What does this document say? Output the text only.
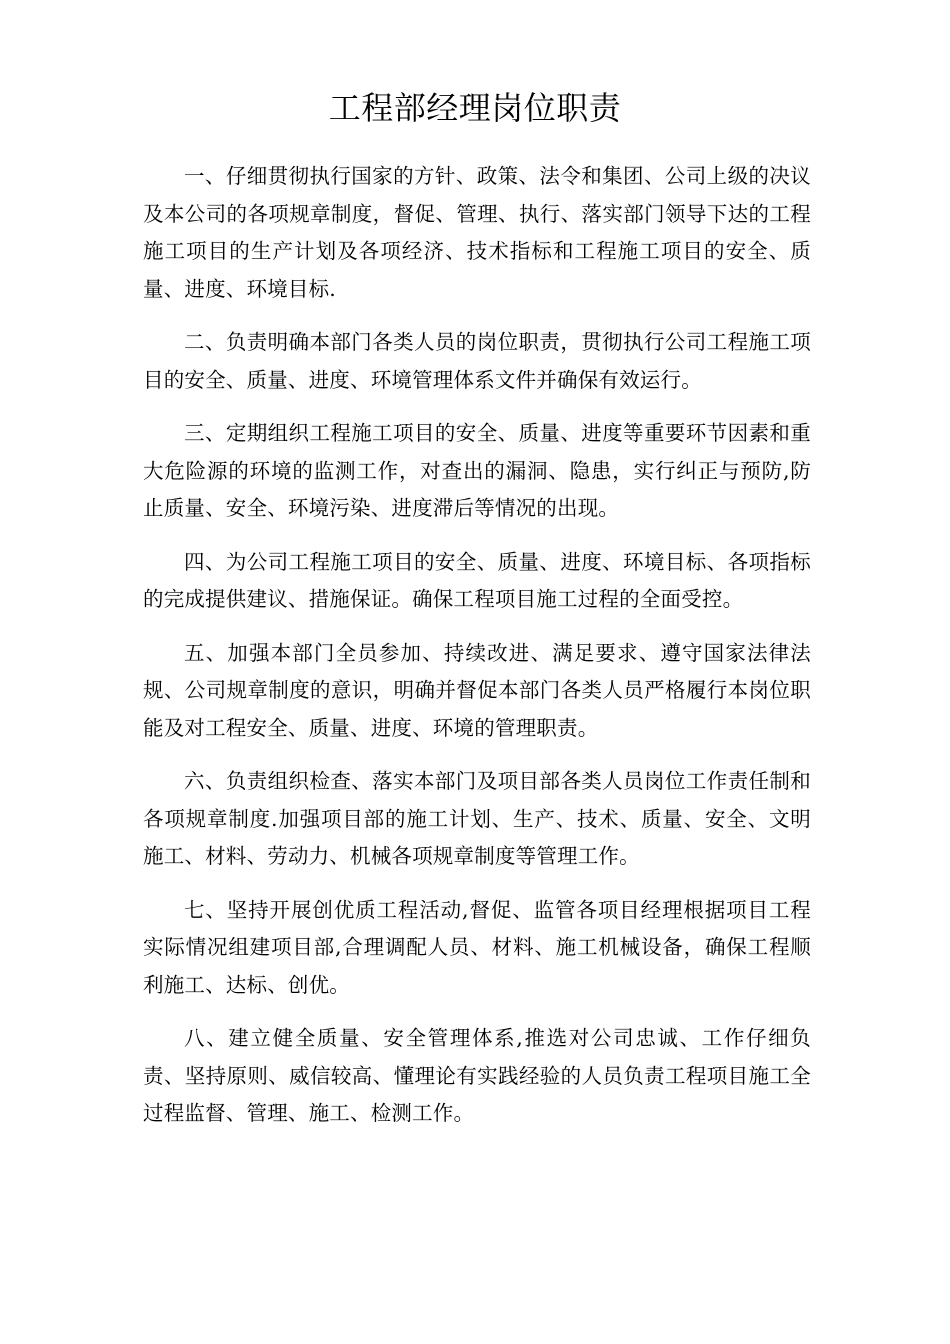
工程部经理岗位职责

一、仔细贯彻执行国家的方针、政策、法令和集团、公司上级的决议及本公司的各项规章制度，督促、管理、执行、落实部门领导下达的工程施工项目的生产计划及各项经济、技术指标和工程施工项目的安全、质量、进度、环境目标.

二、负责明确本部门各类人员的岗位职责，贯彻执行公司工程施工项目的安全、质量、进度、环境管理体系文件并确保有效运行。

三、定期组织工程施工项目的安全、质量、进度等重要环节因素和重大危险源的环境的监测工作，对查出的漏洞、隐患，实行纠正与预防,防止质量、安全、环境污染、进度滞后等情况的出现。

四、为公司工程施工项目的安全、质量、进度、环境目标、各项指标的完成提供建议、措施保证。确保工程项目施工过程的全面受控。

五、加强本部门全员参加、持续改进、满足要求、遵守国家法律法规、公司规章制度的意识，明确并督促本部门各类人员严格履行本岗位职能及对工程安全、质量、进度、环境的管理职责。

六、负责组织检查、落实本部门及项目部各类人员岗位工作责任制和各项规章制度.加强项目部的施工计划、生产、技术、质量、安全、文明施工、材料、劳动力、机械各项规章制度等管理工作。

七、坚持开展创优质工程活动,督促、监管各项目经理根据项目工程实际情况组建项目部,合理调配人员、材料、施工机械设备，确保工程顺利施工、达标、创优。

八、建立健全质量、安全管理体系,推选对公司忠诚、工作仔细负责、坚持原则、威信较高、懂理论有实践经验的人员负责工程项目施工全过程监督、管理、施工、检测工作。
